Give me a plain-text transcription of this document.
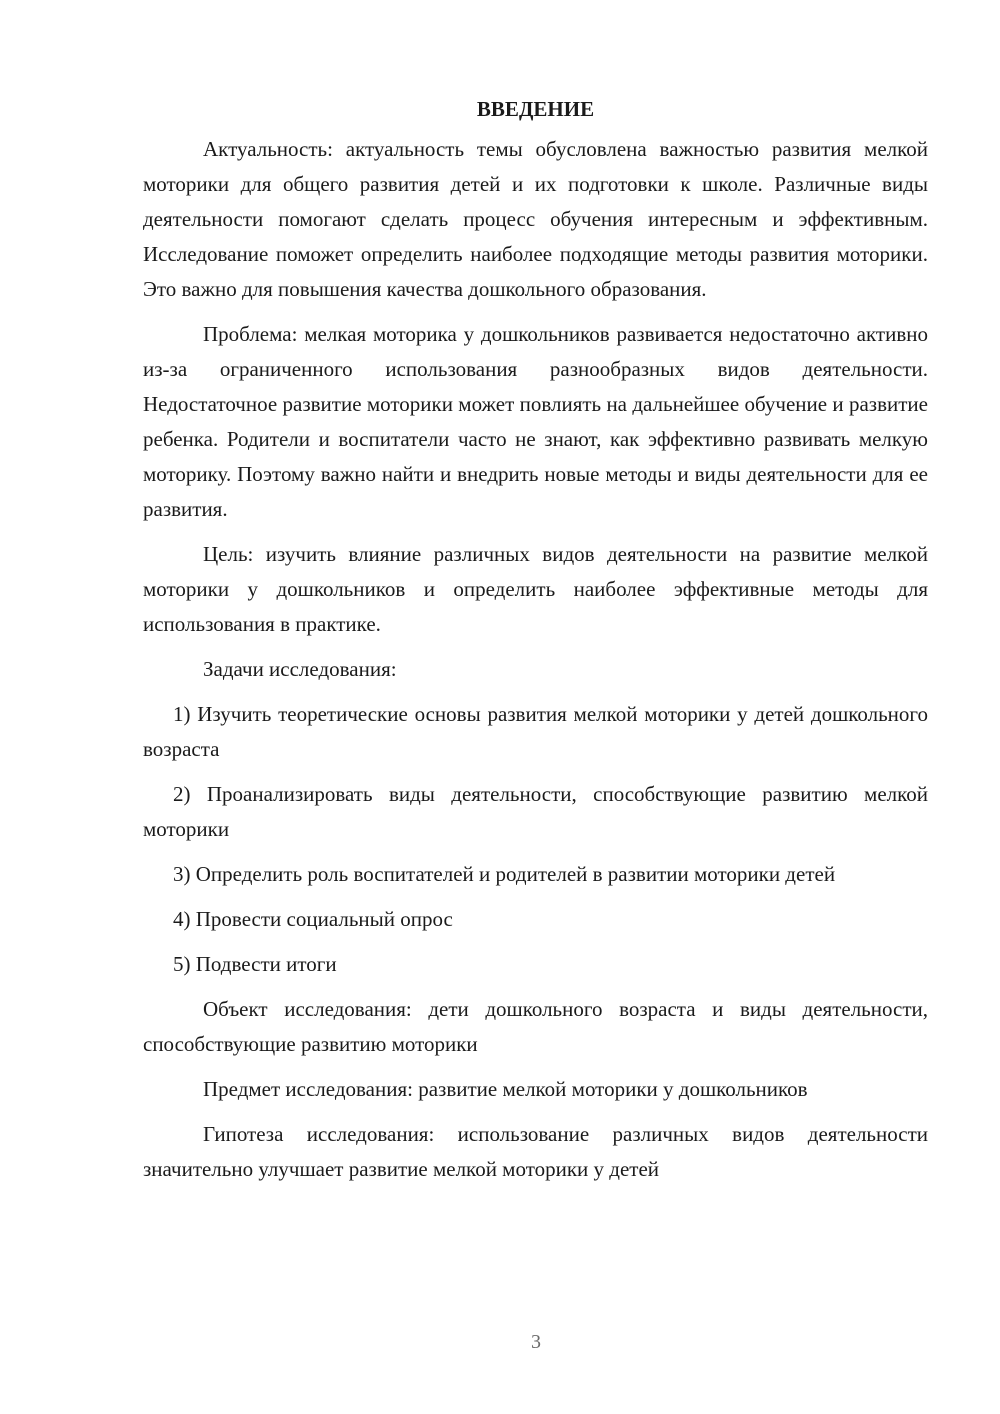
ВВЕДЕНИЕ

Актуальность: актуальность темы обусловлена важностью развития мелкой моторики для общего развития детей и их подготовки к школе. Различные виды деятельности помогают сделать процесс обучения интересным и эффективным. Исследование поможет определить наиболее подходящие методы развития моторики. Это важно для повышения качества дошкольного образования.

Проблема: мелкая моторика у дошкольников развивается недостаточно активно из-за ограниченного использования разнообразных видов деятельности. Недостаточное развитие моторики может повлиять на дальнейшее обучение и развитие ребенка. Родители и воспитатели часто не знают, как эффективно развивать мелкую моторику. Поэтому важно найти и внедрить новые методы и виды деятельности для ее развития.

Цель: изучить влияние различных видов деятельности на развитие мелкой моторики у дошкольников и определить наиболее эффективные методы для использования в практике.

Задачи исследования:

1) Изучить теоретические основы развития мелкой моторики у детей дошкольного возраста

2) Проанализировать виды деятельности, способствующие развитию мелкой моторики

3) Определить роль воспитателей и родителей в развитии моторики детей

4) Провести социальный опрос

5) Подвести итоги

Объект исследования: дети дошкольного возраста и виды деятельности, способствующие развитию моторики

Предмет исследования: развитие мелкой моторики у дошкольников

Гипотеза исследования: использование различных видов деятельности значительно улучшает развитие мелкой моторики у детей

3
